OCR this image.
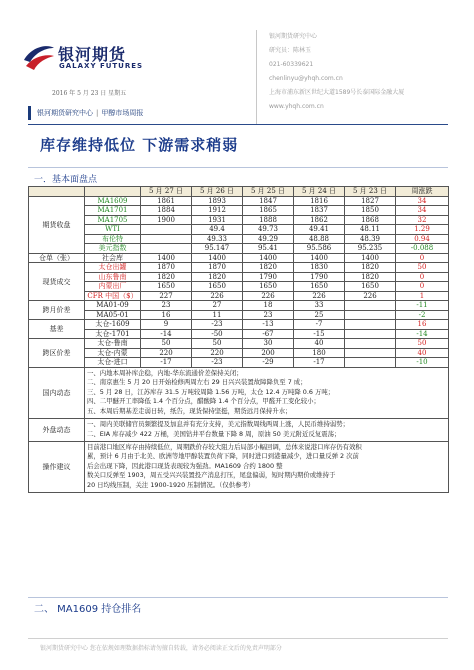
银河期货
GALAXY FUTURES
银河期货研究中心
研究员：陈林玉
021-60339621
chenlinyu@yhqh.com.cn
上海市浦东新区世纪大道1589号长泰国际金融大厦
www.yhqh.com.cn
2016 年 5 月 23 日 星期五
银河期货研究中心 | 甲醇市场周报
库存维持低位 下游需求稍弱
一．基本面盘点
		5 月 27 日	5 月 26 日	5 月 25 日	5 月 24 日	5 月 23 日	周涨跌
期货收盘	MA1609	1861	1893	1847	1816	1827	34
	MA1701	1884	1912	1865	1837	1850	34
	MA1705	1900	1931	1888	1862	1868	32
	WTI		49.4	49.73	49.41	48.11	1.29
	布伦特		49.33	49.29	48.88	48.39	0.94
	美元指数		95.147	95.41	95.586	95.235	-0.088
仓单（张）	社会库	1400	1400	1400	1400	1400	0
现货成交	太仓出罐	1870	1870	1820	1830	1820	50
	山东鲁南	1820	1820	1790	1790	1820	0
	内蒙出厂	1650	1650	1650	1650	1650	0
	CFR 中国（$）	227	226	226	226	226	1
跨月价差	MA01-09	23	27	18	33		-11
	MA05-01	16	11	23	25		-2
基差	太仓-1609	9	-23	-13	-7		16
	太仓-1701	-14	-50	-67	-15		-14
跨区价差	太仓-鲁南	50	50	30	40		50
	太仓-内蒙	220	220	200	180		40
	太仓-进口	-17	-23	-29	-17		-10
国内动态	一、内地本周补库企稳，内地-华东流通价差保持关闭；
二、南京惠生 5 月 20 日开始检修两周左右 29 日兴兴装置故障降负至 7 成；
三、5 月 28 日，江苏库存 31.5 万吨较周降 1.56 万吨，太仓 12.4 万吨降 0.6 万吨；
四、二甲醚开工率降低 1.4 个百分点，醋酸降 1.4 个百分点，甲醛开工变化较小；
五、本周后期基差走弱日转，纸告，现货保持坚挺，期货远月保持升水；						

外盘动态	一、周内美联储官员频繁提及加息并有充分支持，美元指数周线两周上涨，人民币维持弱势；
二、EIA 库存减少 422 万桶，美国钻井平台数量下降 8 周，原油 50 美元附近反复震荡；						

操作建议	目前港口地区库存由持续低位，周期跌价存较大阻力后局部小幅回调，总体来说港口库存仍有效积
累，预计 6 月由于北美、欧洲等地甲醇装置负荷下降，同时进口到港量减少，进口量反弹 2 次前
后会出现下降，因此港口现货表现较为强劲。MA1609 合约 1800 整
数关口反弹至 1903，周五受兴兴装置投产消息打压，尾盘偏弱，短时期内期价或维持于
20 日均线压制，关注 1900-1920 压制情况。（仅供参考）						
二、 MA1609 持仓排名
银河期货研究中心 您在依规如理数据指标请勿擅自转载，请务必阅读正文后的免责声明部分
